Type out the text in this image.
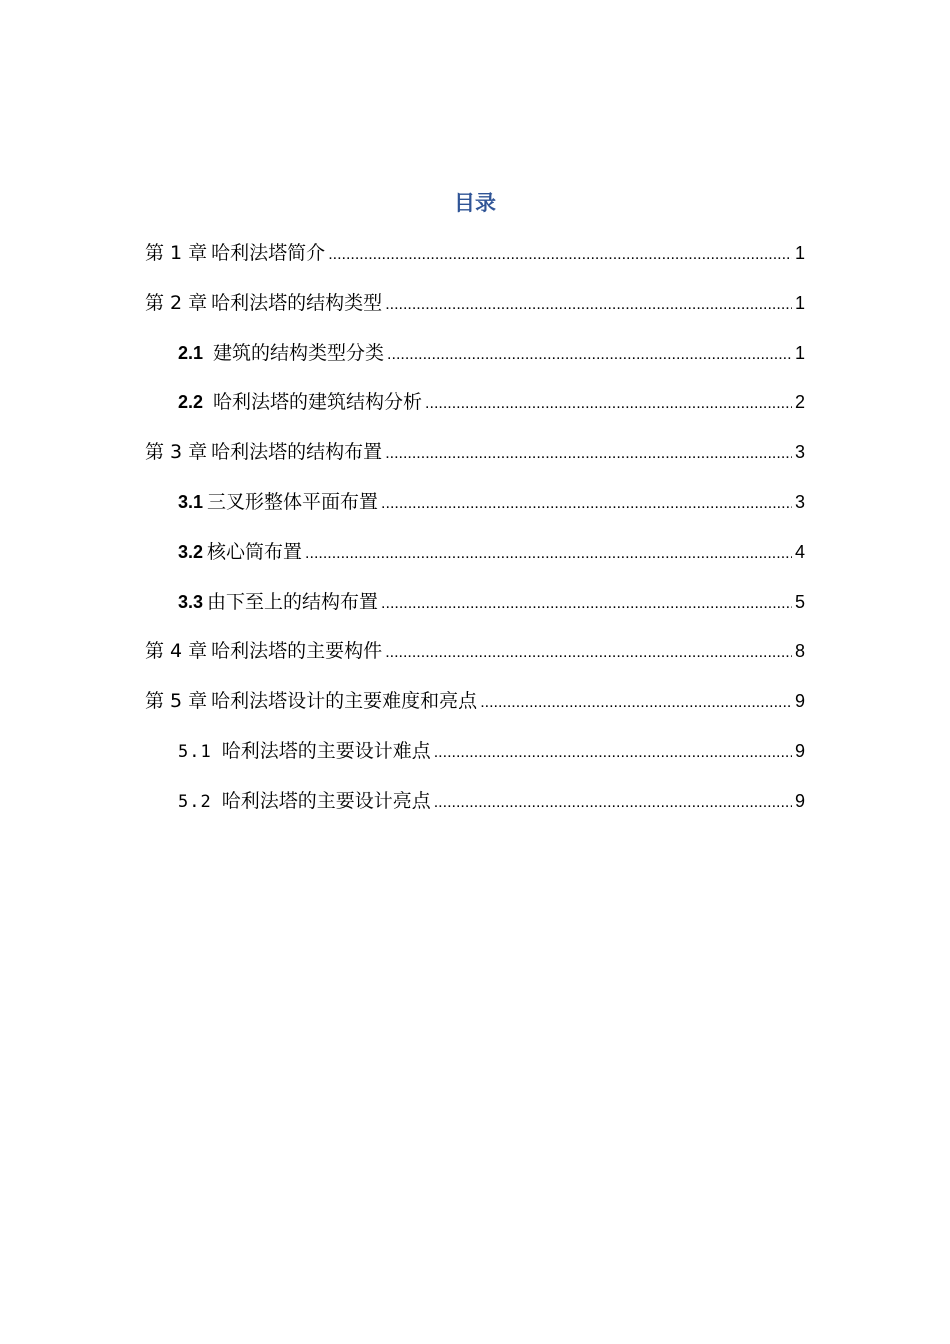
目录
第 1 章 哈利法塔简介 .....	1
第 2 章 哈利法塔的结构类型 .....	1
2.1 建筑的结构类型分类 .....	1
2.2 哈利法塔的建筑结构分析 .....	2
第 3 章 哈利法塔的结构布置 .....	3
3.1 三叉形整体平面布置 .....	3
3.2 核心筒布置 .....	4
3.3 由下至上的结构布置 .....	5
第 4 章 哈利法塔的主要构件 .....	8
第 5 章 哈利法塔设计的主要难度和亮点 .....	9
5.1 哈利法塔的主要设计难点 .....	9
5.2 哈利法塔的主要设计亮点 .....	9
